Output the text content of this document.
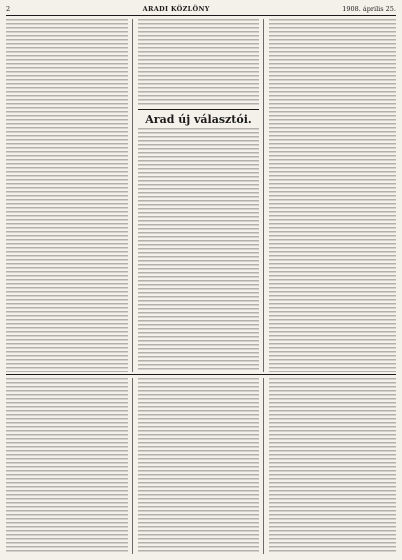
2	ARADI KÖZLÖNY	1908. április 25.

Arad új választói.
